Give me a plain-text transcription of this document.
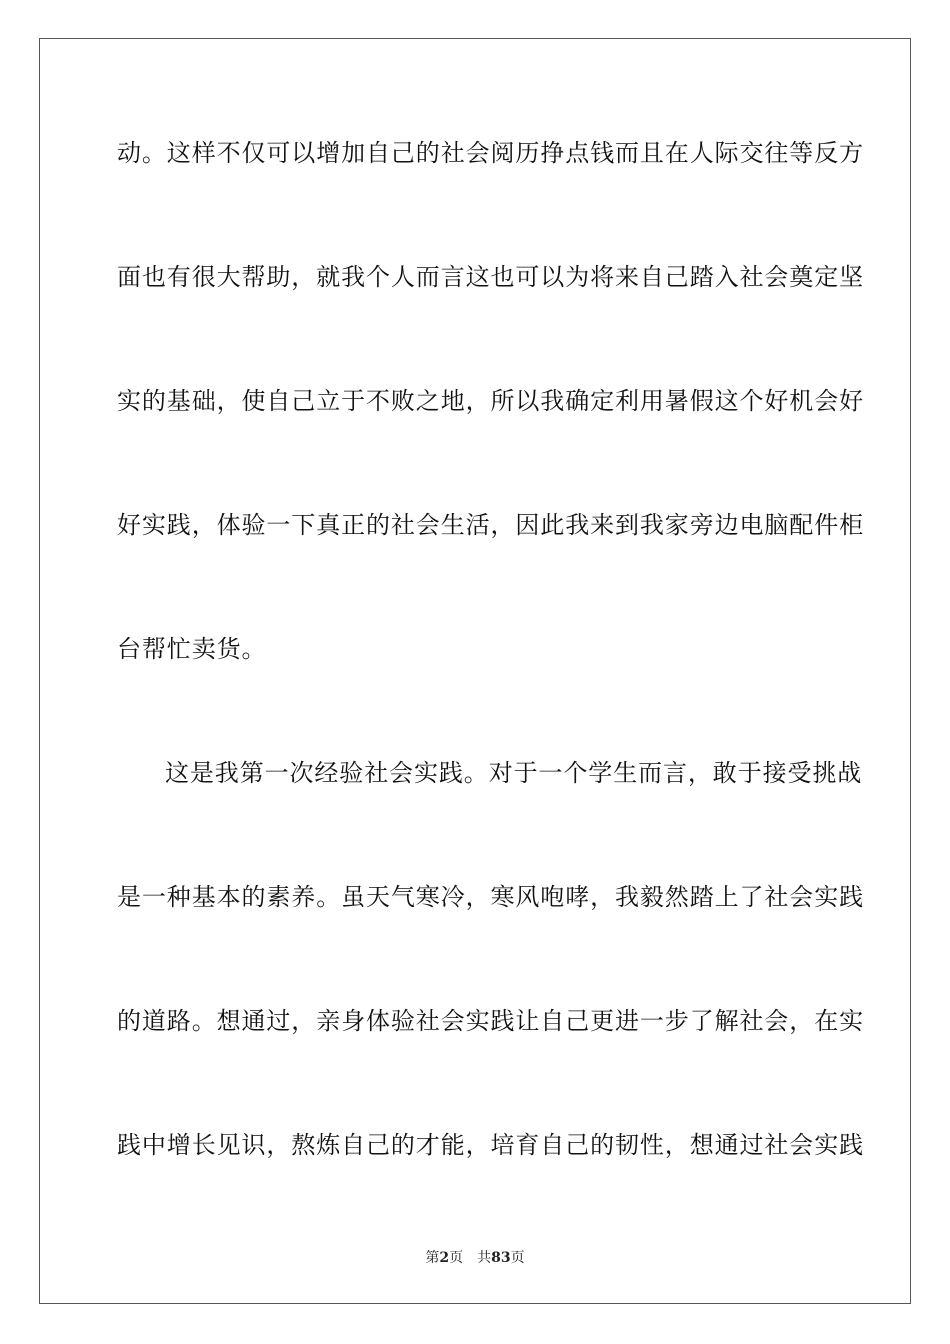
动。这样不仅可以增加自己的社会阅历挣点钱而且在人际交往等反方

面也有很大帮助，就我个人而言这也可以为将来自己踏入社会奠定坚

实的基础，使自己立于不败之地，所以我确定利用暑假这个好机会好

好实践，体验一下真正的社会生活，因此我来到我家旁边电脑配件柜

台帮忙卖货。

这是我第一次经验社会实践。对于一个学生而言，敢于接受挑战

是一种基本的素养。虽天气寒冷，寒风咆哮，我毅然踏上了社会实践

的道路。想通过，亲身体验社会实践让自己更进一步了解社会，在实

践中增长见识，熬炼自己的才能，培育自己的韧性，想通过社会实践

第2页 共83页
